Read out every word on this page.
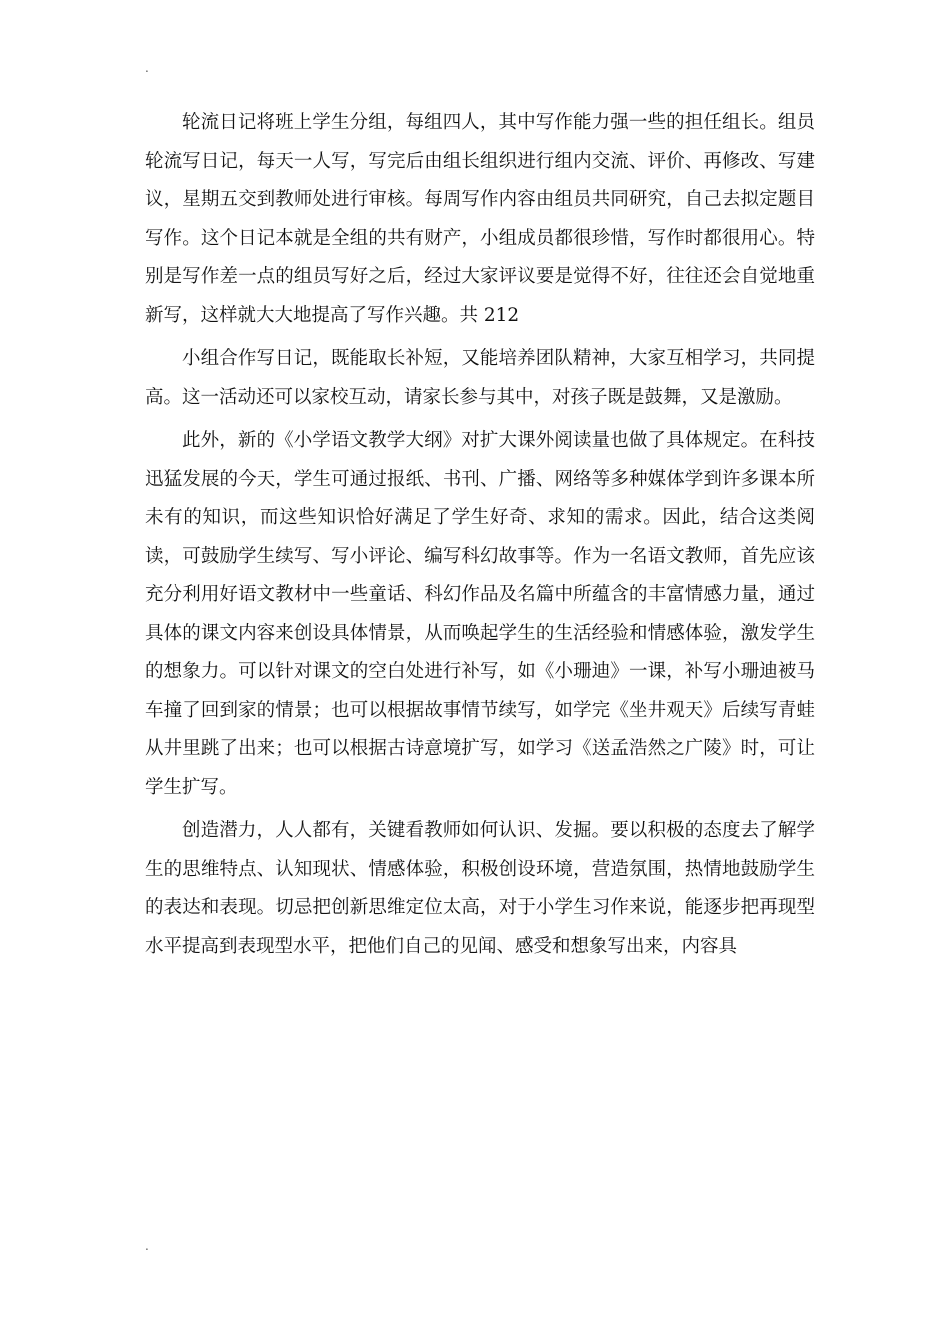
.

轮流日记将班上学生分组，每组四人，其中写作能力强一些的担任组长。组员轮流写日记，每天一人写，写完后由组长组织进行组内交流、评价、再修改、写建议，星期五交到教师处进行审核。每周写作内容由组员共同研究，自己去拟定题目写作。这个日记本就是全组的共有财产，小组成员都很珍惜，写作时都很用心。特别是写作差一点的组员写好之后，经过大家评议要是觉得不好，往往还会自觉地重新写，这样就大大地提高了写作兴趣。共 212

小组合作写日记，既能取长补短，又能培养团队精神，大家互相学习，共同提高。这一活动还可以家校互动，请家长参与其中，对孩子既是鼓舞，又是激励。

此外，新的《小学语文教学大纲》对扩大课外阅读量也做了具体规定。在科技迅猛发展的今天，学生可通过报纸、书刊、广播、网络等多种媒体学到许多课本所未有的知识，而这些知识恰好满足了学生好奇、求知的需求。因此，结合这类阅读，可鼓励学生续写、写小评论、编写科幻故事等。作为一名语文教师，首先应该充分利用好语文教材中一些童话、科幻作品及名篇中所蕴含的丰富情感力量，通过具体的课文内容来创设具体情景，从而唤起学生的生活经验和情感体验，激发学生的想象力。可以针对课文的空白处进行补写，如《小珊迪》一课，补写小珊迪被马车撞了回到家的情景；也可以根据故事情节续写，如学完《坐井观天》后续写青蛙从井里跳了出来；也可以根据古诗意境扩写，如学习《送孟浩然之广陵》时，可让学生扩写。

创造潜力，人人都有，关键看教师如何认识、发掘。要以积极的态度去了解学生的思维特点、认知现状、情感体验，积极创设环境，营造氛围，热情地鼓励学生的表达和表现。切忌把创新思维定位太高，对于小学生习作来说，能逐步把再现型水平提高到表现型水平，把他们自己的见闻、感受和想象写出来，内容具

.
